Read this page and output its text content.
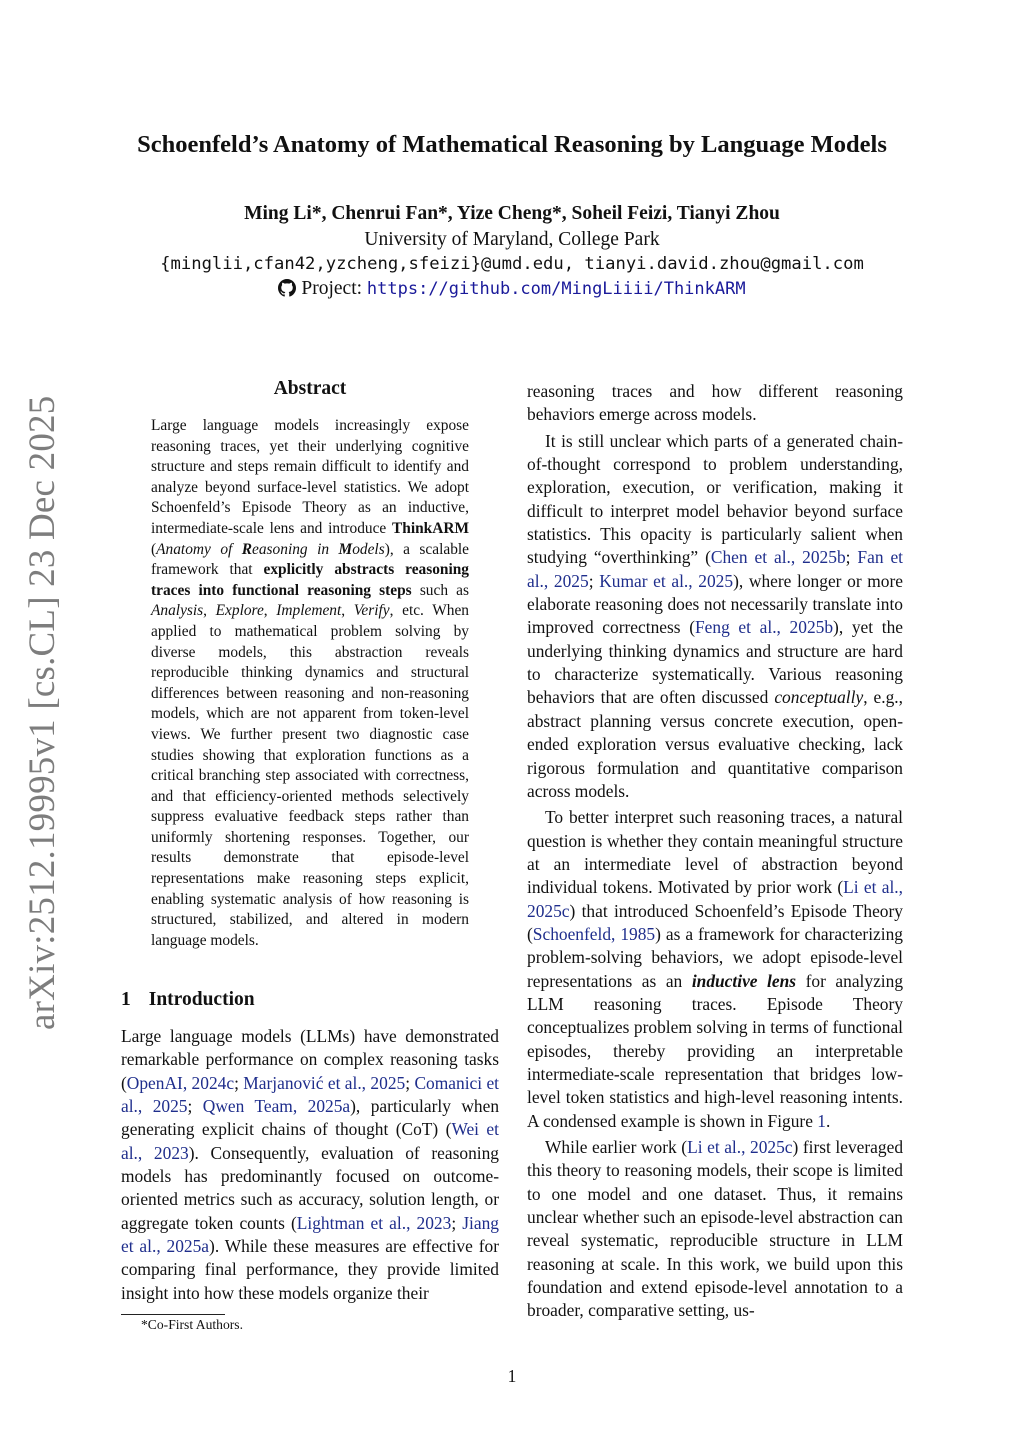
Schoenfeld’s Anatomy of Mathematical Reasoning by Language Models
Ming Li*, Chenrui Fan*, Yize Cheng*, Soheil Feizi, Tianyi Zhou
University of Maryland, College Park
{minglii,cfan42,yzcheng,sfeizi}@umd.edu, tianyi.david.zhou@gmail.com
Project: https://github.com/MingLiiii/ThinkARM
arXiv:2512.19995v1 [cs.CL] 23 Dec 2025
Abstract
Large language models increasingly expose reasoning traces, yet their underlying cognitive structure and steps remain difficult to identify and analyze beyond surface-level statistics. We adopt Schoenfeld’s Episode Theory as an inductive, intermediate-scale lens and introduce ThinkARM (Anatomy of Reasoning in Models), a scalable framework that explicitly abstracts reasoning traces into functional reasoning steps such as Analysis, Explore, Implement, Verify, etc. When applied to mathematical problem solving by diverse models, this abstraction reveals reproducible thinking dynamics and structural differences between reasoning and non-reasoning models, which are not apparent from token-level views. We further present two diagnostic case studies showing that exploration functions as a critical branching step associated with correctness, and that efficiency-oriented methods selectively suppress evaluative feedback steps rather than uniformly shortening responses. Together, our results demonstrate that episode-level representations make reasoning steps explicit, enabling systematic analysis of how reasoning is structured, stabilized, and altered in modern language models.
1 Introduction

Large language models (LLMs) have demonstrated remarkable performance on complex reasoning tasks (OpenAI, 2024c; Marjanović et al., 2025; Comanici et al., 2025; Qwen Team, 2025a), particularly when generating explicit chains of thought (CoT) (Wei et al., 2023). Consequently, evaluation of reasoning models has predominantly focused on outcome-oriented metrics such as accuracy, solution length, or aggregate token counts (Lightman et al., 2023; Jiang et al., 2025a). While these measures are effective for comparing final performance, they provide limited insight into how these models organize their

reasoning traces and how different reasoning behaviors emerge across models.

It is still unclear which parts of a generated chain-of-thought correspond to problem understanding, exploration, execution, or verification, making it difficult to interpret model behavior beyond surface statistics. This opacity is particularly salient when studying “overthinking” (Chen et al., 2025b; Fan et al., 2025; Kumar et al., 2025), where longer or more elaborate reasoning does not necessarily translate into improved correctness (Feng et al., 2025b), yet the underlying thinking dynamics and structure are hard to characterize systematically. Various reasoning behaviors that are often discussed conceptually, e.g., abstract planning versus concrete execution, open-ended exploration versus evaluative checking, lack rigorous formulation and quantitative comparison across models.

To better interpret such reasoning traces, a natural question is whether they contain meaningful structure at an intermediate level of abstraction beyond individual tokens. Motivated by prior work (Li et al., 2025c) that introduced Schoenfeld’s Episode Theory (Schoenfeld, 1985) as a framework for characterizing problem-solving behaviors, we adopt episode-level representations as an inductive lens for analyzing LLM reasoning traces. Episode Theory conceptualizes problem solving in terms of functional episodes, thereby providing an interpretable intermediate-scale representation that bridges low-level token statistics and high-level reasoning intents. A condensed example is shown in Figure 1.

While earlier work (Li et al., 2025c) first leveraged this theory to reasoning models, their scope is limited to one model and one dataset. Thus, it remains unclear whether such an episode-level abstraction can reveal systematic, reproducible structure in LLM reasoning at scale. In this work, we build upon this foundation and extend episode-level annotation to a broader, comparative setting, us-

*Co-First Authors.
1
